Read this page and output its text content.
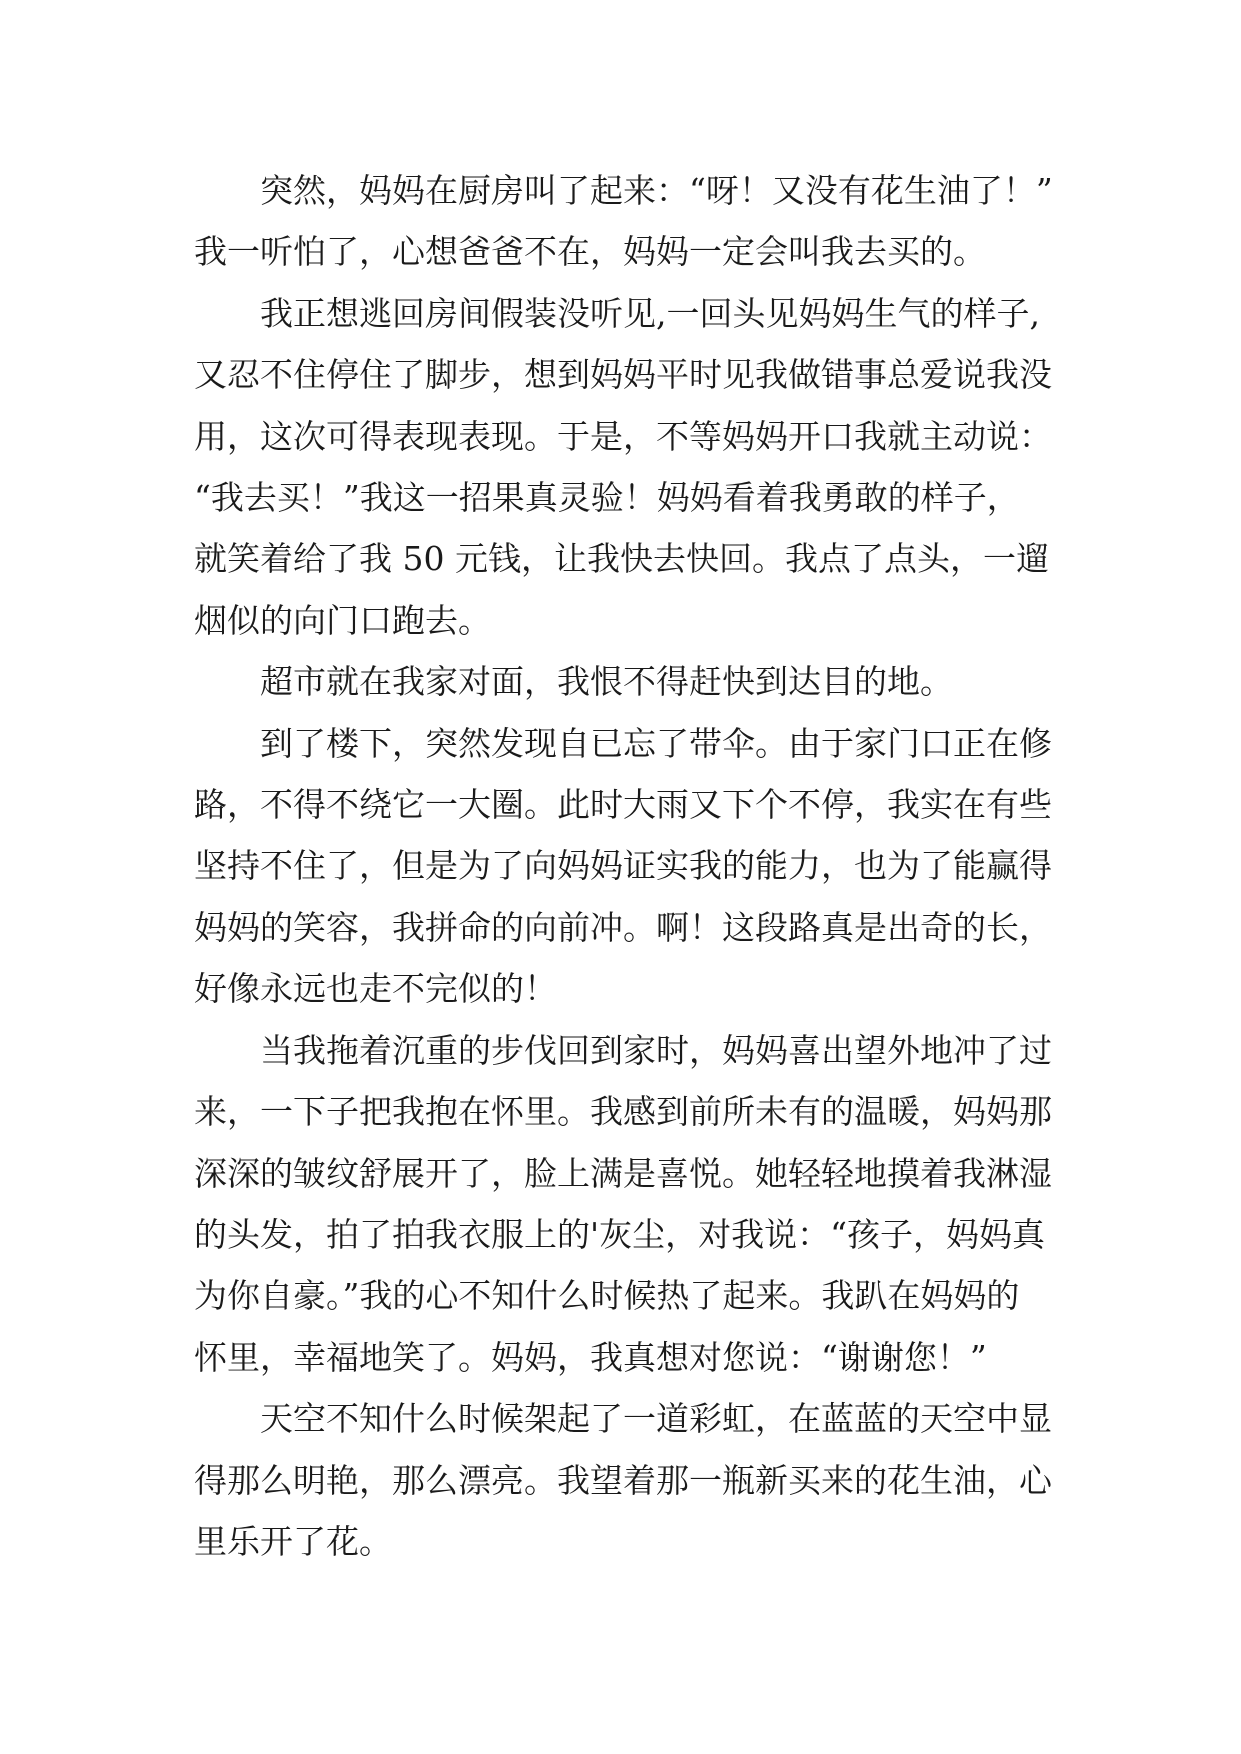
突然，妈妈在厨房叫了起来：“呀！又没有花生油了！”
我一听怕了，心想爸爸不在，妈妈一定会叫我去买的。
我正想逃回房间假装没听见,一回头见妈妈生气的样子,
又忍不住停住了脚步，想到妈妈平时见我做错事总爱说我没
用，这次可得表现表现。于是，不等妈妈开口我就主动说：
“我去买！”我这一招果真灵验！妈妈看着我勇敢的样子，
就笑着给了我 50 元钱，让我快去快回。我点了点头，一遛
烟似的向门口跑去。
超市就在我家对面，我恨不得赶快到达目的地。
到了楼下，突然发现自已忘了带伞。由于家门口正在修
路，不得不绕它一大圈。此时大雨又下个不停，我实在有些
坚持不住了，但是为了向妈妈证实我的能力，也为了能赢得
妈妈的笑容，我拼命的向前冲。啊！这段路真是出奇的长，
好像永远也走不完似的！
当我拖着沉重的步伐回到家时，妈妈喜出望外地冲了过
来，一下子把我抱在怀里。我感到前所未有的温暖，妈妈那
深深的皱纹舒展开了，脸上满是喜悦。她轻轻地摸着我淋湿
的头发，拍了拍我衣服上的'灰尘，对我说：“孩子，妈妈真
为你自豪。”我的心不知什么时候热了起来。我趴在妈妈的
怀里，幸福地笑了。妈妈，我真想对您说：“谢谢您！”
天空不知什么时候架起了一道彩虹，在蓝蓝的天空中显
得那么明艳，那么漂亮。我望着那一瓶新买来的花生油，心
里乐开了花。
